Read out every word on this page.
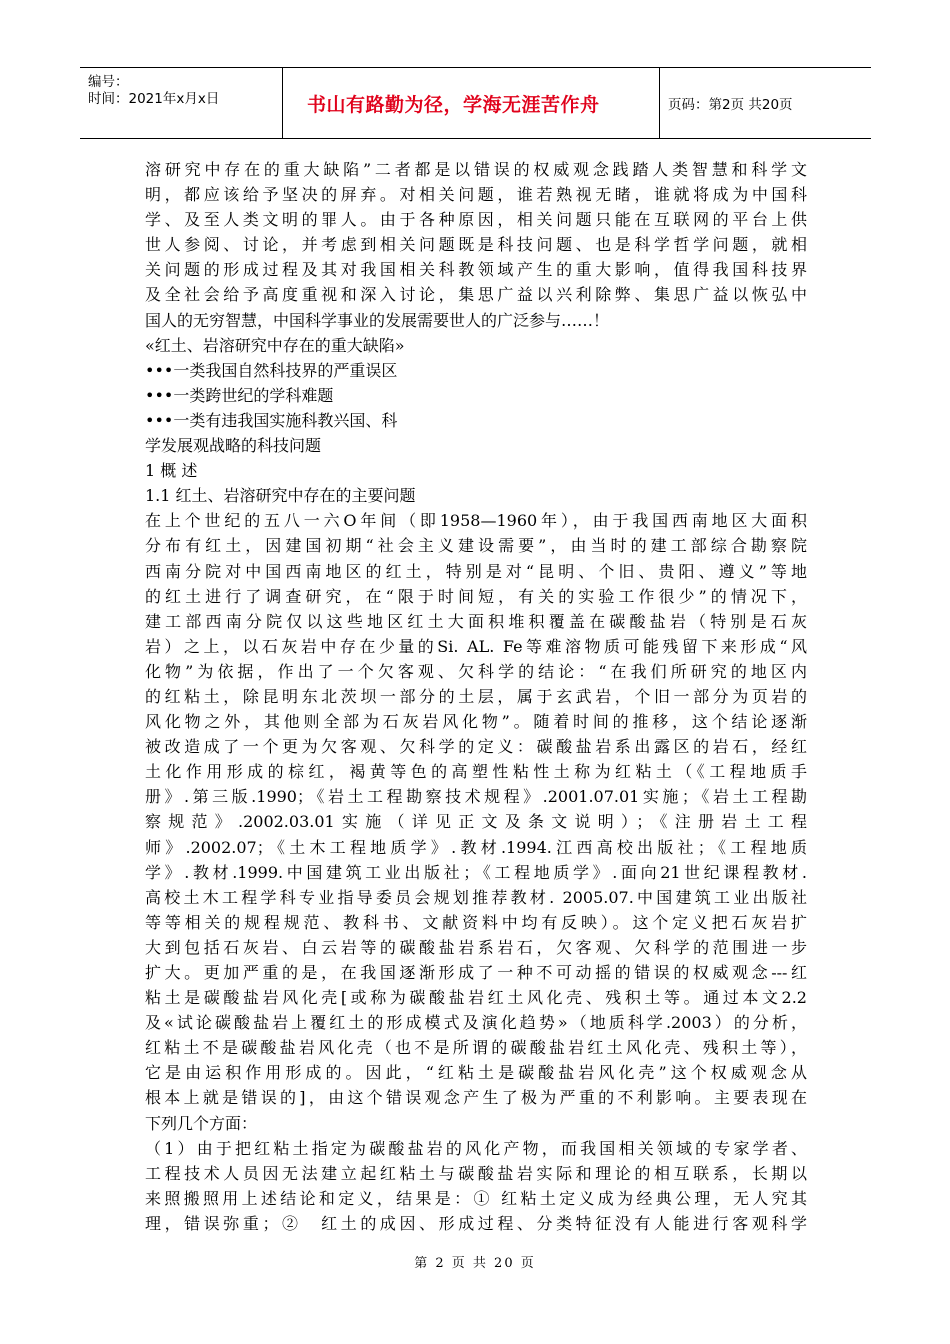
编号：
时间：2021年x月x日	书山有路勤为径，学海无涯苦作舟	页码：第2页 共20页
溶研究中存在的重大缺陷”二者都是以错误的权威观念践踏人类智慧和科学文
明，都应该给予坚决的屏弃。对相关问题，谁若熟视无睹，谁就将成为中国科
学、及至人类文明的罪人。由于各种原因，相关问题只能在互联网的平台上供
世人参阅、讨论，并考虑到相关问题既是科技问题、也是科学哲学问题，就相
关问题的形成过程及其对我国相关科教领域产生的重大影响，值得我国科技界
及全社会给予高度重视和深入讨论，集思广益以兴利除弊、集思广益以恢弘中
国人的无穷智慧，中国科学事业的发展需要世人的广泛参与……！
«红土、岩溶研究中存在的重大缺陷»
•••一类我国自然科技界的严重误区
•••一类跨世纪的学科难题
•••一类有违我国实施科教兴国、科
学发展观战略的科技问题
1 概 述
1.1 红土、岩溶研究中存在的主要问题
在上个世纪的五八一六O年间（即1958—1960年），由于我国西南地区大面积
分布有红土，因建国初期“社会主义建设需要”，由当时的建工部综合勘察院
西南分院对中国西南地区的红土，特别是对“昆明、个旧、贵阳、遵义”等地
的红土进行了调查研究，在“限于时间短，有关的实验工作很少”的情况下，
建工部西南分院仅以这些地区红土大面积堆积覆盖在碳酸盐岩（特别是石灰
岩）之上，以石灰岩中存在少量的Si. AL. Fe等难溶物质可能残留下来形成“风
化物”为依据，作出了一个欠客观、欠科学的结论：“在我们所研究的地区内
的红粘土，除昆明东北茨坝一部分的土层，属于玄武岩，个旧一部分为页岩的
风化物之外，其他则全部为石灰岩风化物”。随着时间的推移，这个结论逐渐
被改造成了一个更为欠客观、欠科学的定义：碳酸盐岩系出露区的岩石，经红
土化作用形成的棕红，褐黄等色的高塑性粘性土称为红粘土（《工程地质手
册》.第三版.1990；《岩土工程勘察技术规程》.2001.07.01实施；《岩土工程勘
察规范》.2002.03.01实施（详见正文及条文说明）；《注册岩土工程
师》.2002.07；《土木工程地质学》.教材.1994.江西高校出版社；《工程地质
学》.教材.1999.中国建筑工业出版社；《工程地质学》.面向21世纪课程教材.
高校土木工程学科专业指导委员会规划推荐教材. 2005.07.中国建筑工业出版社
等等相关的规程规范、教科书、文献资料中均有反映）。这个定义把石灰岩扩
大到包括石灰岩、白云岩等的碳酸盐岩系岩石，欠客观、欠科学的范围进一步
扩大。更加严重的是，在我国逐渐形成了一种不可动摇的错误的权威观念---红
粘土是碳酸盐岩风化壳[或称为碳酸盐岩红土风化壳、残积土等。通过本文2.2
及«试论碳酸盐岩上覆红土的形成模式及演化趋势»（地质科学.2003）的分析，
红粘土不是碳酸盐岩风化壳（也不是所谓的碳酸盐岩红土风化壳、残积土等），
它是由运积作用形成的。因此，“红粘土是碳酸盐岩风化壳”这个权威观念从
根本上就是错误的]，由这个错误观念产生了极为严重的不利影响。主要表现在
下列几个方面：
（1）由于把红粘土指定为碳酸盐岩的风化产物，而我国相关领域的专家学者、
工程技术人员因无法建立起红粘土与碳酸盐岩实际和理论的相互联系，长期以
来照搬照用上述结论和定义，结果是：① 红粘土定义成为经典公理，无人究其
理，错误弥重；②　红土的成因、形成过程、分类特征没有人能进行客观科学
第 2 页 共 20 页
